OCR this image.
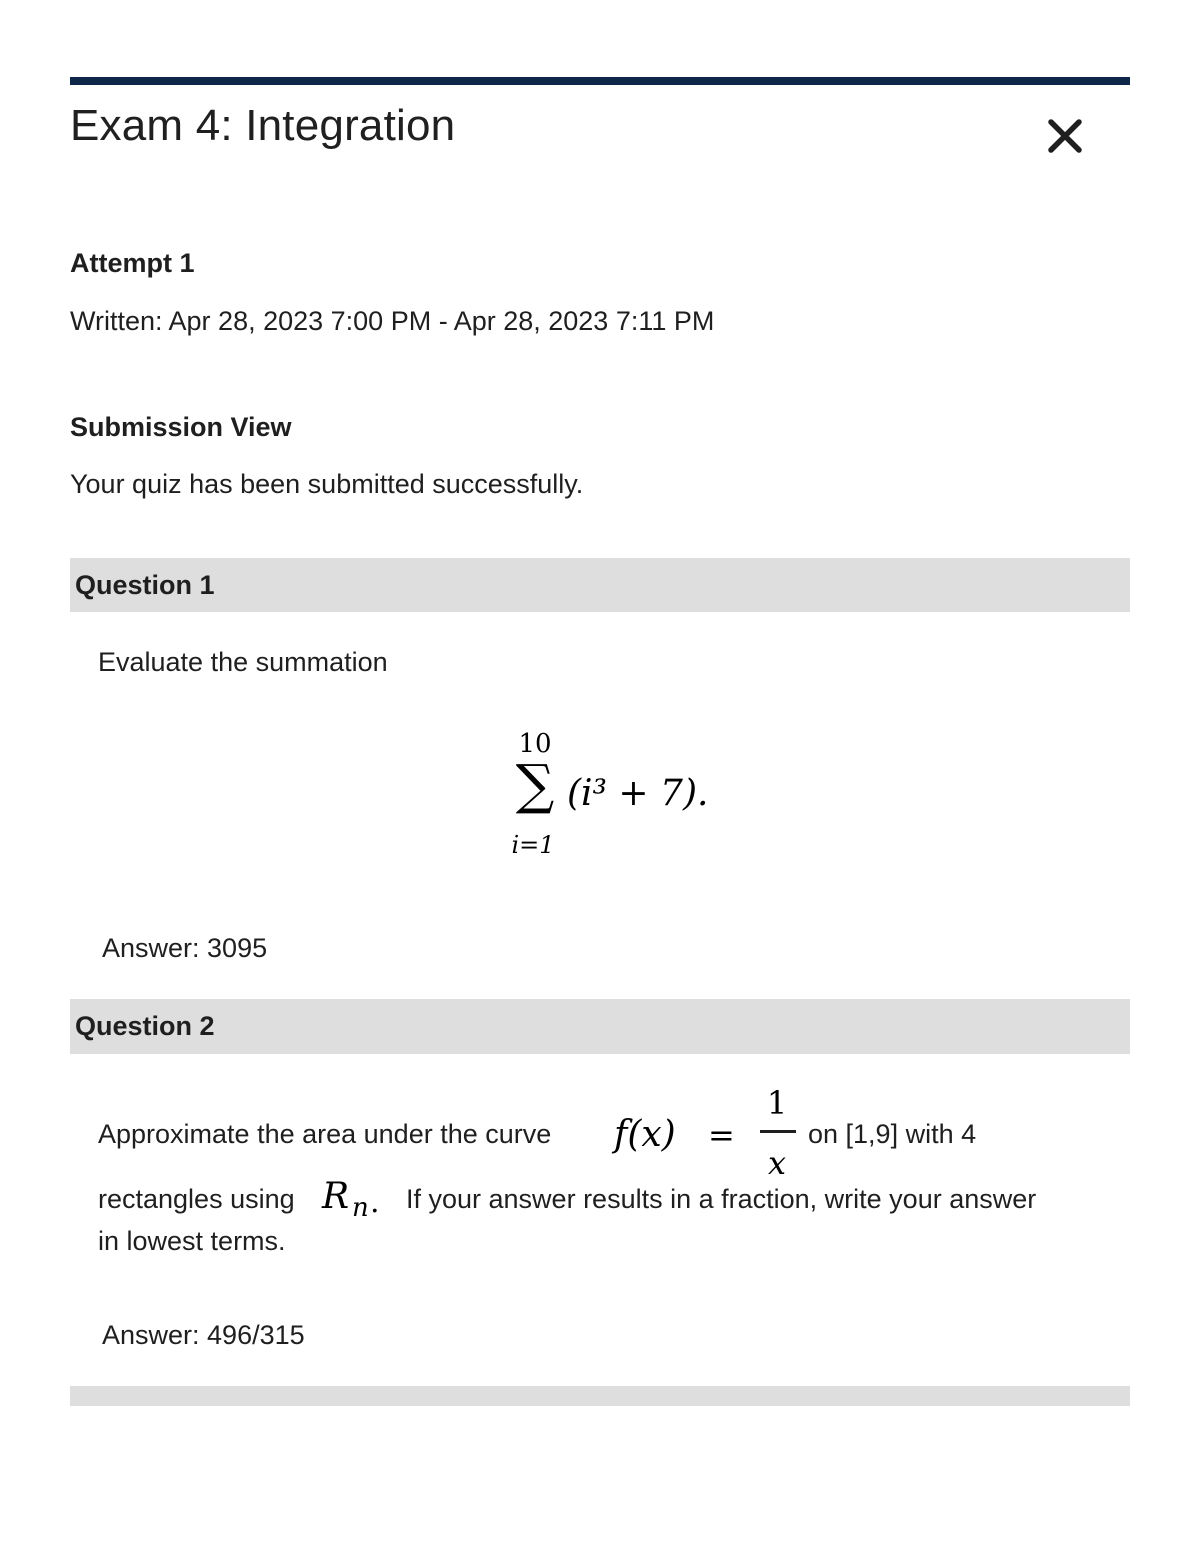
Exam 4: Integration
Attempt 1

Written: Apr 28, 2023 7:00 PM - Apr 28, 2023 7:11 PM

Submission View

Your quiz has been submitted successfully.

Question 1

Evaluate the summation

10
∑
i=1
(i³ + 7).

Answer: 3095

Question 2

Approximate the area under the curve f(x) =
1
x

on [1,9] with 4

rectangles using R n . If your answer results in a fraction, write your answer

in lowest terms.

Answer: 496/315
